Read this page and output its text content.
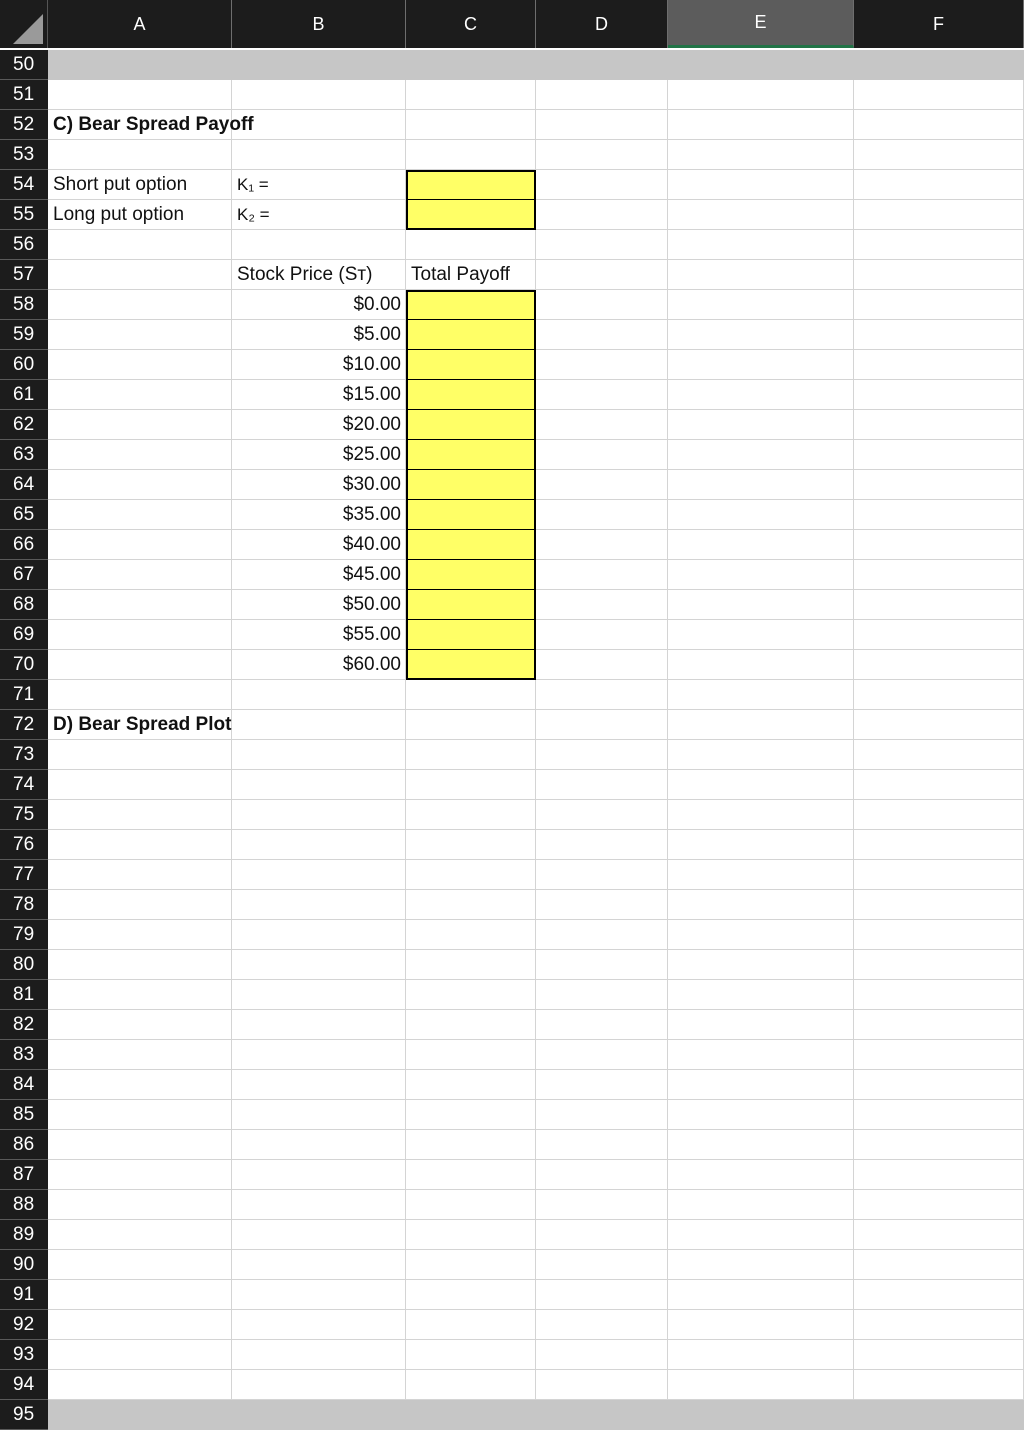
A	B	C	D	E	F
50
51
52 C) Bear Spread Payoff
53
54 Short put option	K₁ =
55 Long put option	K₂ =
56
57	Stock Price (Sᴛ)	Total Payoff
58	$0.00
59	$5.00
60	$10.00
61	$15.00
62	$20.00
63	$25.00
64	$30.00
65	$35.00
66	$40.00
67	$45.00
68	$50.00
69	$55.00
70	$60.00
71
72 D) Bear Spread Plot
73
74
75
76
77
78
79
80
81
82
83
84
85
86
87
88
89
90
91
92
93
94
95
